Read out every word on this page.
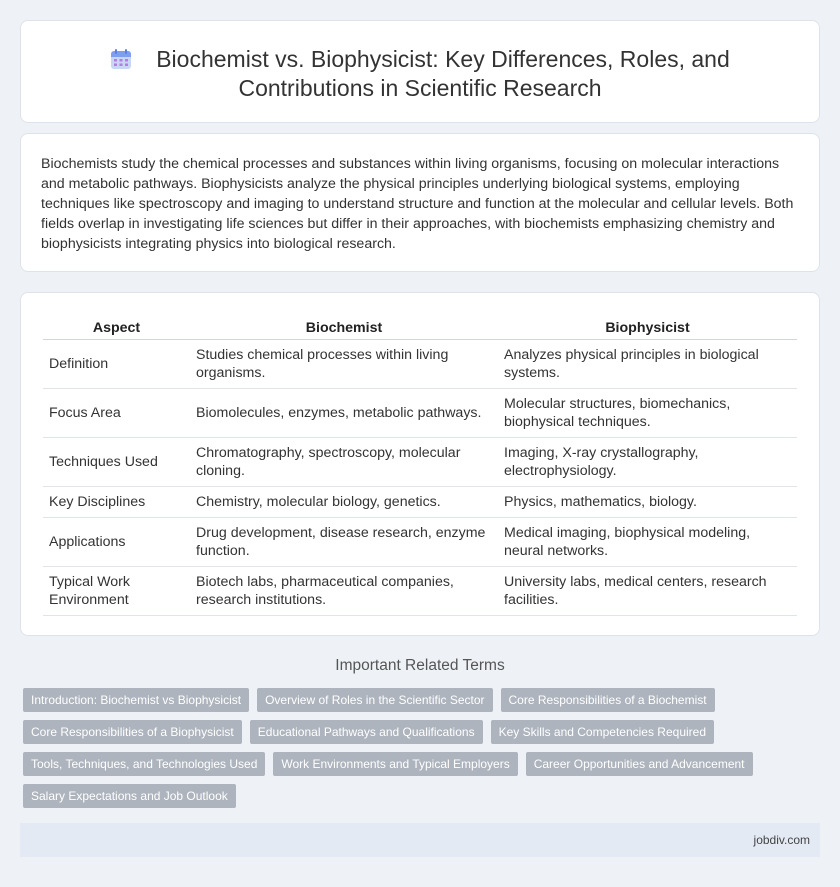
Biochemist vs. Biophysicist: Key Differences, Roles, and
Contributions in Scientific Research

Biochemists study the chemical processes and substances within living organisms, focusing on molecular interactions and metabolic pathways. Biophysicists analyze the physical principles underlying biological systems, employing techniques like spectroscopy and imaging to understand structure and function at the molecular and cellular levels. Both fields overlap in investigating life sciences but differ in their approaches, with biochemists emphasizing chemistry and biophysicists integrating physics into biological research.

Aspect	Biochemist	Biophysicist
Definition	Studies chemical processes within living organisms.	Analyzes physical principles in biological systems.
Focus Area	Biomolecules, enzymes, metabolic pathways.	Molecular structures, biomechanics, biophysical techniques.
Techniques Used	Chromatography, spectroscopy, molecular cloning.	Imaging, X-ray crystallography, electrophysiology.
Key Disciplines	Chemistry, molecular biology, genetics.	Physics, mathematics, biology.
Applications	Drug development, disease research, enzyme function.	Medical imaging, biophysical modeling, neural networks.
Typical Work Environment	Biotech labs, pharmaceutical companies, research institutions.	University labs, medical centers, research facilities.
Important Related Terms
Introduction: Biochemist vs Biophysicist	Overview of Roles in the Scientific Sector	Core Responsibilities of a Biochemist
Core Responsibilities of a Biophysicist	Educational Pathways and Qualifications	Key Skills and Competencies Required
Tools, Techniques, and Technologies Used	Work Environments and Typical Employers	Career Opportunities and Advancement
Salary Expectations and Job Outlook
jobdiv.com
